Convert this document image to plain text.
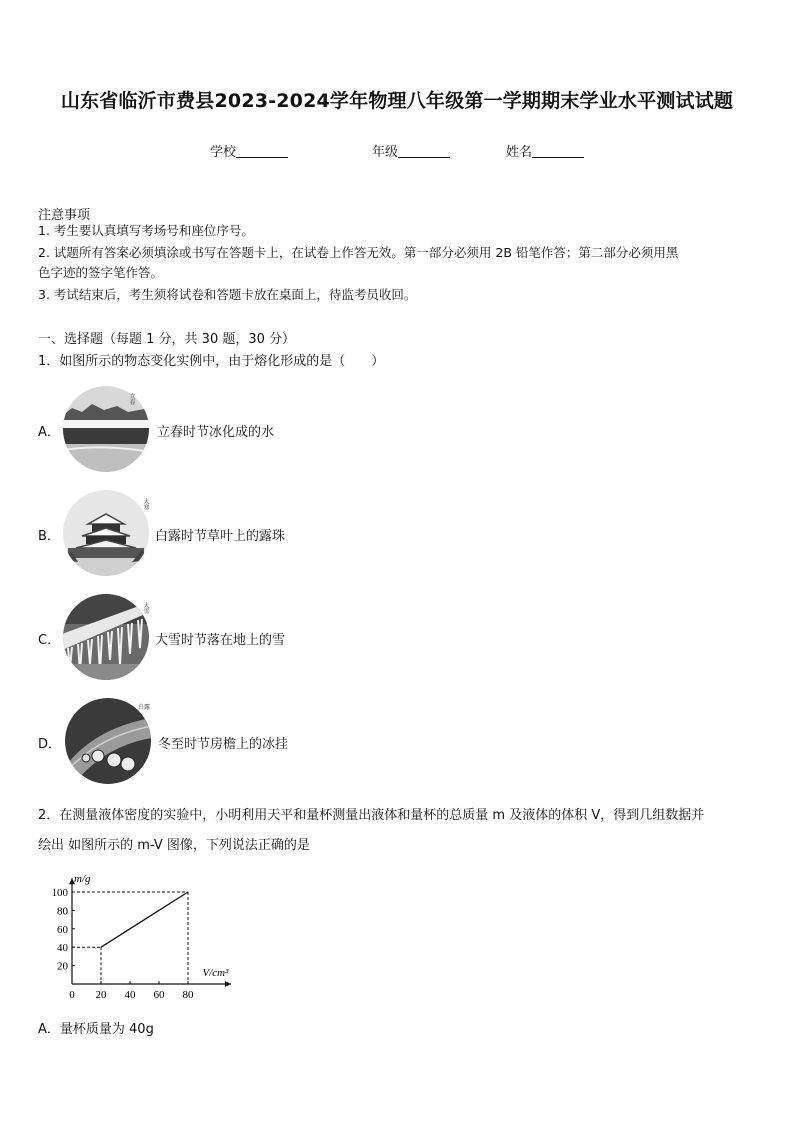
山东省临沂市费县2023-2024学年物理八年级第一学期期末学业水平测试试题
学校	年级	姓名
注意事项
1. 考生要认真填写考场号和座位序号。
2. 试题所有答案必须填涂或书写在答题卡上，在试卷上作答无效。第一部分必须用 2B 铅笔作答；第二部分必须用黑
色字迹的签字笔作答。
3. 考试结束后，考生须将试卷和答题卡放在桌面上，待监考员收回。
一、选择题（每题 1 分，共 30 题，30 分）
1．如图所示的物态变化实例中，由于熔化形成的是（　　）
A．
立春
立春时节冰化成的水
B．
大寒
白露时节草叶上的露珠
C．
大雪
大雪时节落在地上的雪
D．
白露
冬至时节房檐上的冰挂
2．在测量液体密度的实验中，小明利用天平和量杯测量出液体和量杯的总质量 m 及液体的体积 V，得到几组数据并
绘出 如图所示的 m-V 图像，下列说法正确的是
0 20 40 60 80
20
40
60
80
100
m/g
V/cm³
A．量杯质量为 40g
